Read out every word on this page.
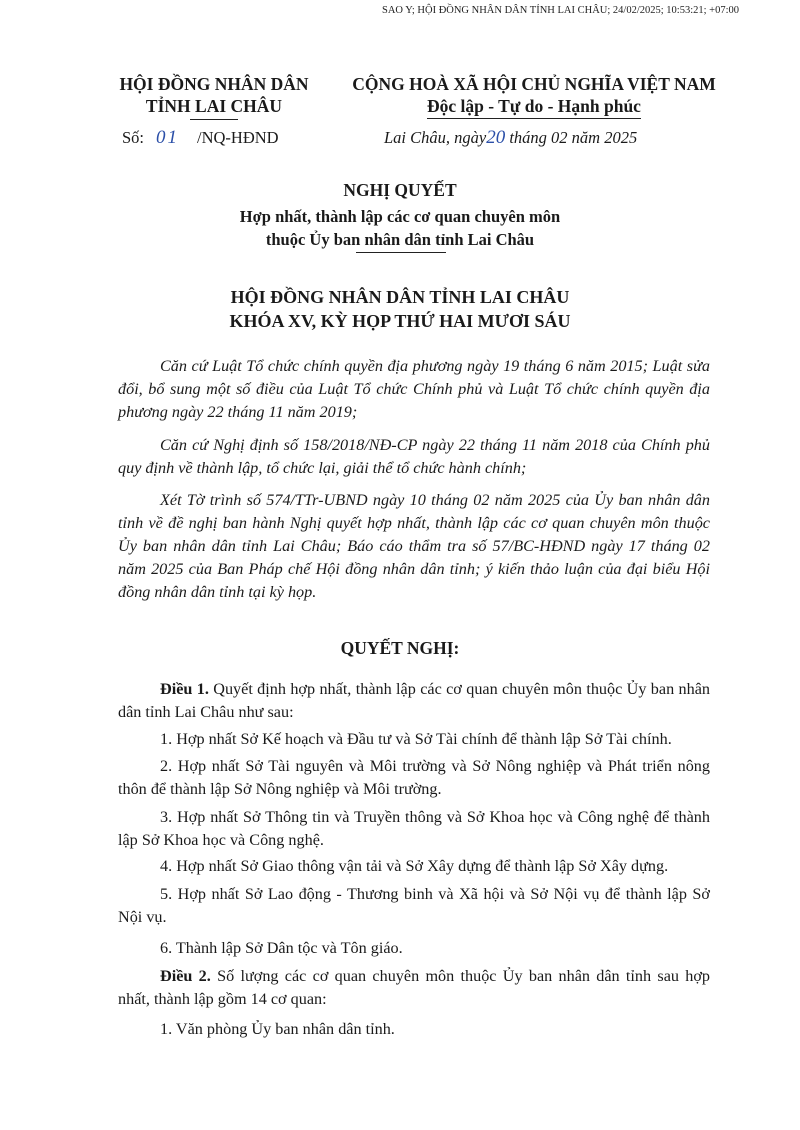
SAO Y; HỘI ĐỒNG NHÂN DÂN TỈNH LAI CHÂU; 24/02/2025; 10:53:21; +07:00
HỘI ĐỒNG NHÂN DÂN
TỈNH LAI CHÂU
CỘNG HOÀ XÃ HỘI CHỦ NGHĨA VIỆT NAM
Độc lập - Tự do - Hạnh phúc
Số: 01 /NQ-HĐND	Lai Châu, ngày20 tháng 02 năm 2025
NGHỊ QUYẾT
Hợp nhất, thành lập các cơ quan chuyên môn
thuộc Ủy ban nhân dân tỉnh Lai Châu
HỘI ĐỒNG NHÂN DÂN TỈNH LAI CHÂU
KHÓA XV, KỲ HỌP THỨ HAI MƯƠI SÁU

Căn cứ Luật Tổ chức chính quyền địa phương ngày 19 tháng 6 năm 2015; Luật sửa đổi, bổ sung một số điều của Luật Tổ chức Chính phủ và Luật Tổ chức chính quyền địa phương ngày 22 tháng 11 năm 2019;

Căn cứ Nghị định số 158/2018/NĐ-CP ngày 22 tháng 11 năm 2018 của Chính phủ quy định về thành lập, tổ chức lại, giải thể tổ chức hành chính;

Xét Tờ trình số 574/TTr-UBND ngày 10 tháng 02 năm 2025 của Ủy ban nhân dân tỉnh về đề nghị ban hành Nghị quyết hợp nhất, thành lập các cơ quan chuyên môn thuộc Ủy ban nhân dân tỉnh Lai Châu; Báo cáo thẩm tra số 57/BC-HĐND ngày 17 tháng 02 năm 2025 của Ban Pháp chế Hội đồng nhân dân tỉnh; ý kiến thảo luận của đại biểu Hội đồng nhân dân tỉnh tại kỳ họp.

QUYẾT NGHỊ:

Điều 1. Quyết định hợp nhất, thành lập các cơ quan chuyên môn thuộc Ủy ban nhân dân tỉnh Lai Châu như sau:

1. Hợp nhất Sở Kế hoạch và Đầu tư và Sở Tài chính để thành lập Sở Tài chính.

2. Hợp nhất Sở Tài nguyên và Môi trường và Sở Nông nghiệp và Phát triển nông thôn để thành lập Sở Nông nghiệp và Môi trường.

3. Hợp nhất Sở Thông tin và Truyền thông và Sở Khoa học và Công nghệ để thành lập Sở Khoa học và Công nghệ.

4. Hợp nhất Sở Giao thông vận tải và Sở Xây dựng để thành lập Sở Xây dựng.

5. Hợp nhất Sở Lao động - Thương binh và Xã hội và Sở Nội vụ để thành lập Sở Nội vụ.

6. Thành lập Sở Dân tộc và Tôn giáo.

Điều 2. Số lượng các cơ quan chuyên môn thuộc Ủy ban nhân dân tỉnh sau hợp nhất, thành lập gồm 14 cơ quan:

1. Văn phòng Ủy ban nhân dân tỉnh.
